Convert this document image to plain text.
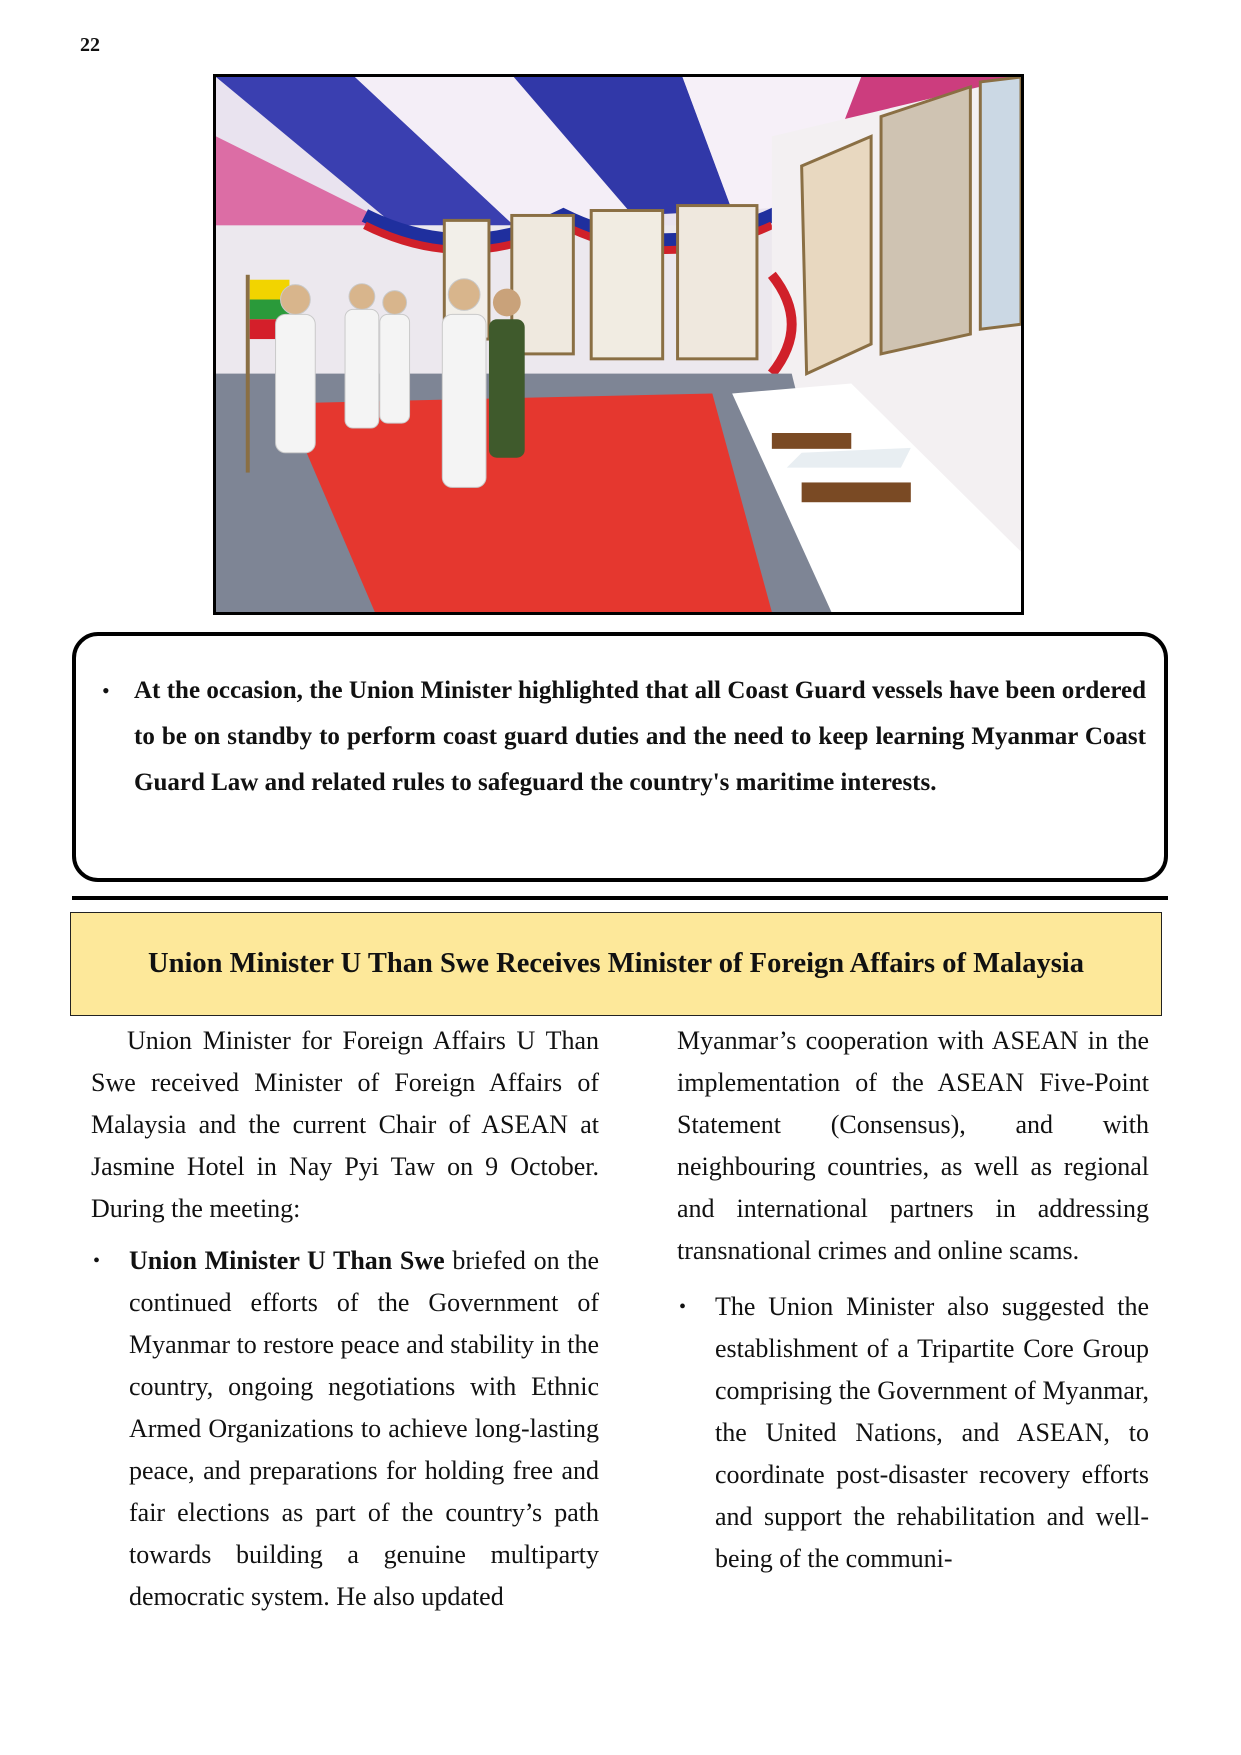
22
• At the occasion, the Union Minister highlighted that all Coast Guard vessels have been ordered to be on standby to perform coast guard duties and the need to keep learning Myanmar Coast Guard Law and related rules to safeguard the country's maritime interests.
Union Minister U Than Swe Receives Minister of Foreign Affairs of Malaysia

Union Minister for Foreign Affairs U Than Swe received Minister of Foreign Affairs of Malaysia and the current Chair of ASEAN at Jasmine Hotel in Nay Pyi Taw on 9 October. During the meeting:

• Union Minister U Than Swe briefed on the continued efforts of the Government of Myanmar to restore peace and stability in the country, ongoing negotiations with Ethnic Armed Organizations to achieve long-lasting peace, and preparations for holding free and fair elections as part of the country’s path towards building a genuine multiparty democratic system. He also updated

Myanmar’s cooperation with ASEAN in the implementation of the ASEAN Five-Point Statement (Consensus), and with neighbouring countries, as well as regional and international partners in addressing transnational crimes and online scams.

• The Union Minister also suggested the establishment of a Tripartite Core Group comprising the Government of Myanmar, the United Nations, and ASEAN, to coordinate post-disaster recovery efforts and support the rehabilitation and well-being of the communi-
